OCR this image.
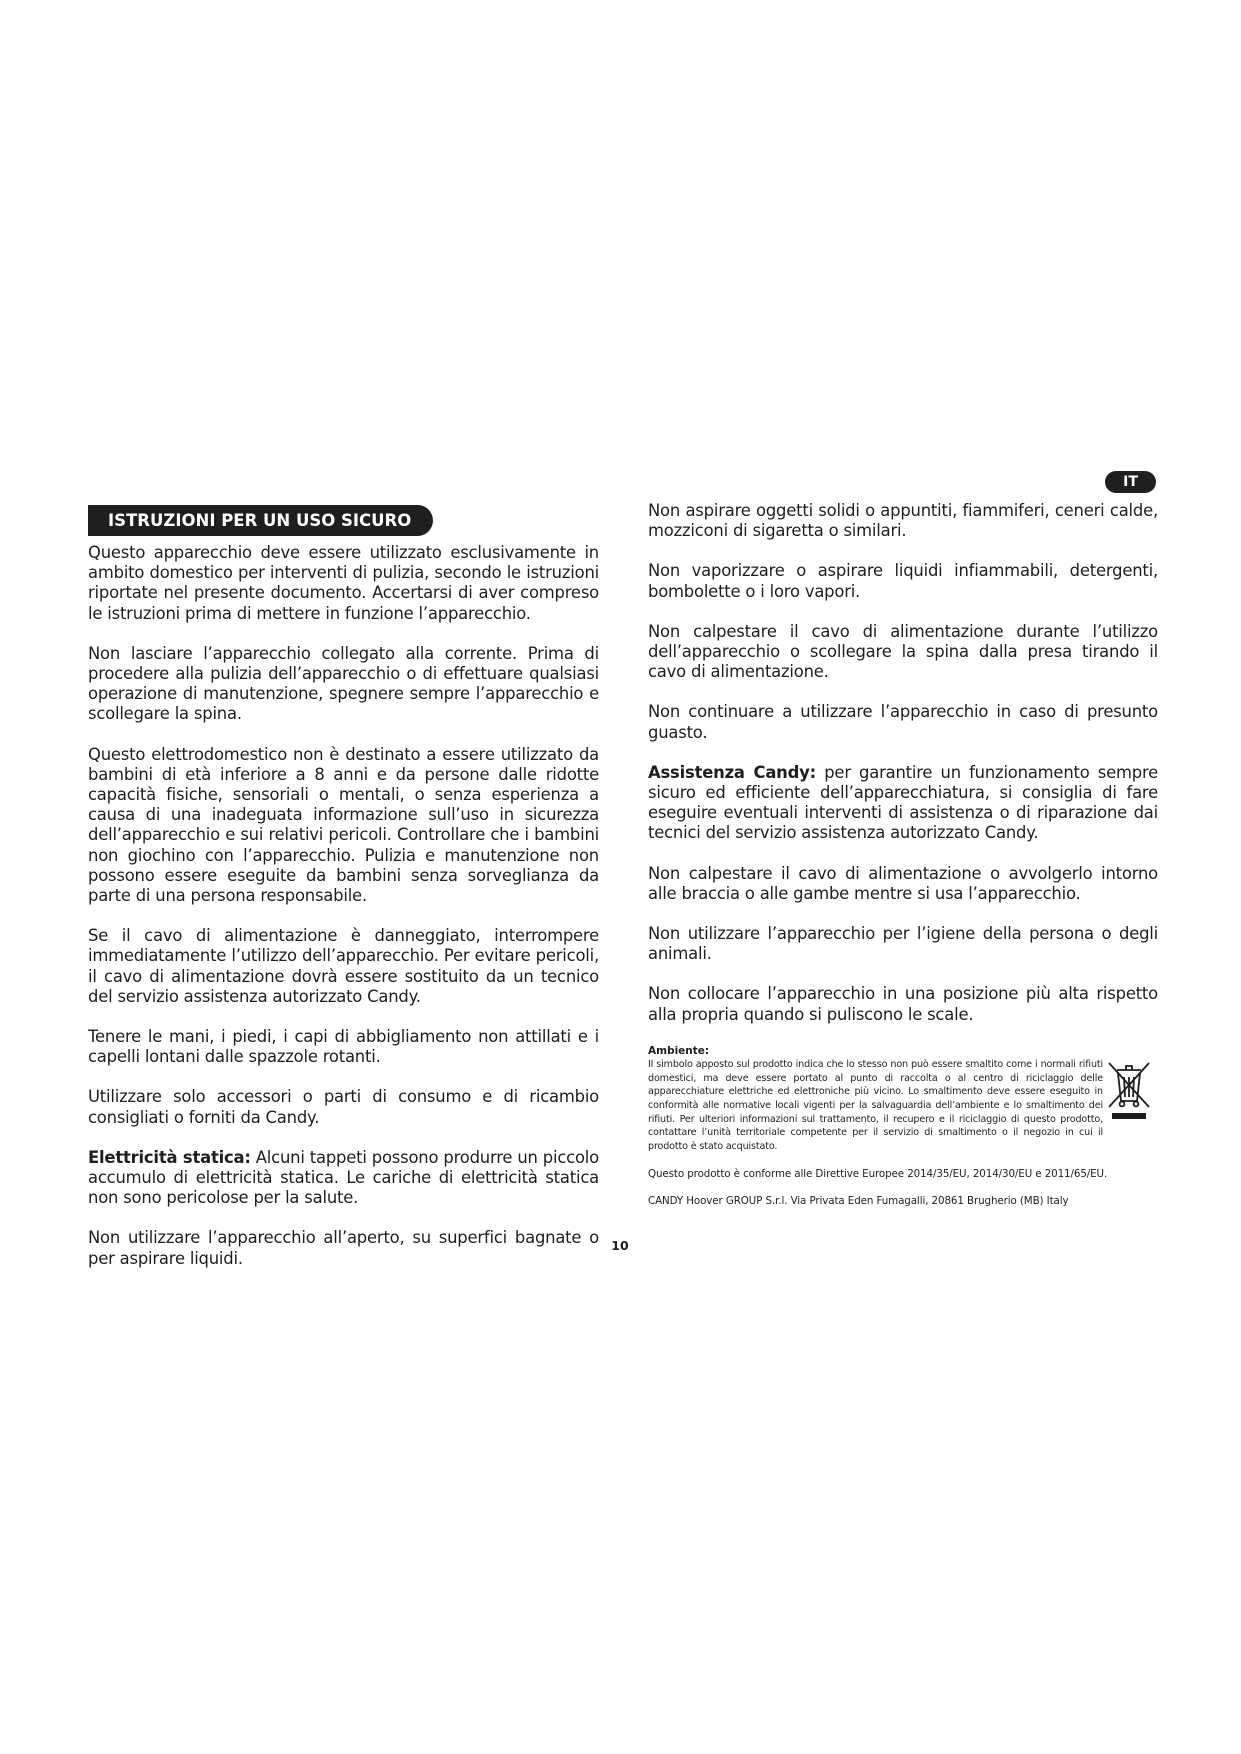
IT
ISTRUZIONI PER UN USO SICURO

Questo apparecchio deve essere utilizzato esclusivamente in ambito domestico per interventi di pulizia, secondo le istruzioni riportate nel presente documento. Accertarsi di aver compreso le istruzioni prima di mettere in funzione l’apparecchio.

Non lasciare l’apparecchio collegato alla corrente. Prima di procedere alla pulizia dell’apparecchio o di effettuare qualsiasi operazione di manutenzione, spegnere sempre l’apparecchio e scollegare la spina.

Questo elettrodomestico non è destinato a essere utilizzato da bambini di età inferiore a 8 anni e da persone dalle ridotte capacità fisiche, sensoriali o mentali, o senza esperienza a causa di una inadeguata informazione sull’uso in sicurezza dell’apparecchio e sui relativi pericoli. Controllare che i bambini non giochino con l’apparecchio. Pulizia e manutenzione non possono essere eseguite da bambini senza sorveglianza da parte di una persona responsabile.

Se il cavo di alimentazione è danneggiato, interrompere immediatamente l’utilizzo dell’apparecchio. Per evitare pericoli, il cavo di alimentazione dovrà essere sostituito da un tecnico del servizio assistenza autorizzato Candy.

Tenere le mani, i piedi, i capi di abbigliamento non attillati e i capelli lontani dalle spazzole rotanti.

Utilizzare solo accessori o parti di consumo e di ricambio consigliati o forniti da Candy.

Elettricità statica: Alcuni tappeti possono produrre un piccolo accumulo di elettricità statica. Le cariche di elettricità statica non sono pericolose per la salute.

Non utilizzare l’apparecchio all’aperto, su superfici bagnate o per aspirare liquidi.

Non aspirare oggetti solidi o appuntiti, fiammiferi, ceneri calde, mozziconi di sigaretta o similari.

Non vaporizzare o aspirare liquidi infiammabili, detergenti, bombolette o i loro vapori.

Non calpestare il cavo di alimentazione durante l’utilizzo dell’apparecchio o scollegare la spina dalla presa tirando il cavo di alimentazione.

Non continuare a utilizzare l’apparecchio in caso di presunto guasto.

Assistenza Candy: per garantire un funzionamento sempre sicuro ed efficiente dell’apparecchiatura, si consiglia di fare eseguire eventuali interventi di assistenza o di riparazione dai tecnici del servizio assistenza autorizzato Candy.

Non calpestare il cavo di alimentazione o avvolgerlo intorno alle braccia o alle gambe mentre si usa l’apparecchio.

Non utilizzare l’apparecchio per l’igiene della persona o degli animali.

Non collocare l’apparecchio in una posizione più alta rispetto alla propria quando si puliscono le scale.

Ambiente:
Il simbolo apposto sul prodotto indica che lo stesso non può essere smaltito come i normali rifiuti domestici, ma deve essere portato al punto di raccolta o al centro di riciclaggio delle apparecchiature elettriche ed elettroniche più vicino. Lo smaltimento deve essere eseguito in conformità alle normative locali vigenti per la salvaguardia dell’ambiente e lo smaltimento dei rifiuti. Per ulteriori informazioni sul trattamento, il recupero e il riciclaggio di questo prodotto, contattare l’unità territoriale competente per il servizio di smaltimento o il negozio in cui il prodotto è stato acquistato.

Questo prodotto è conforme alle Direttive Europee 2014/35/EU, 2014/30/EU e 2011/65/EU.

CANDY Hoover GROUP S.r.l. Via Privata Eden Fumagalli, 20861 Brugherio (MB) Italy

10
